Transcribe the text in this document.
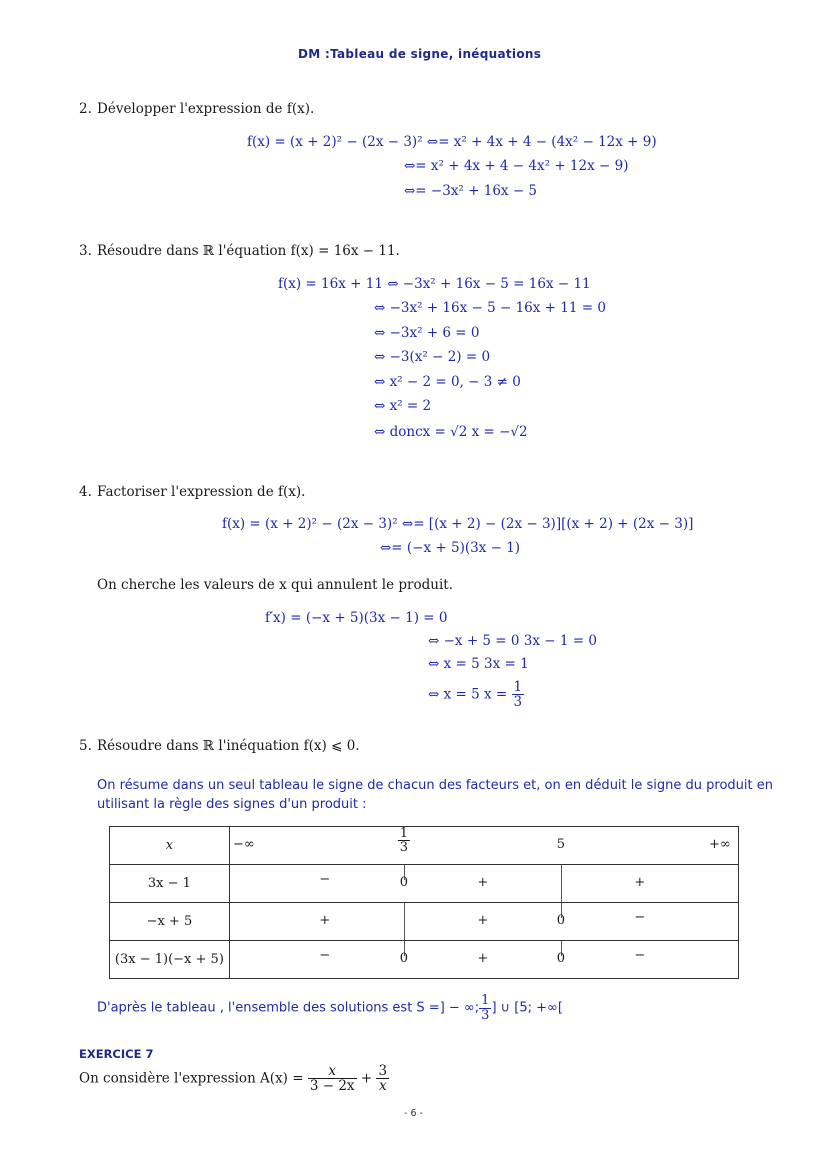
DM :Tableau de signe, inéquations
2. Développer l'expression de f(x).
f(x) = (x + 2)² − (2x − 3)² ⇔= x² + 4x + 4 − (4x² − 12x + 9)
⇔= x² + 4x + 4 − 4x² + 12x − 9)
⇔= −3x² + 16x − 5
3. Résoudre dans ℝ l'équation f(x) = 16x − 11.
f(x) = 16x + 11 ⇔ −3x² + 16x − 5 = 16x − 11
⇔ −3x² + 16x − 5 − 16x + 11 = 0
⇔ −3x² + 6 = 0
⇔ −3(x² − 2) = 0
⇔ x² − 2 = 0, − 3 ≠ 0
⇔ x² = 2
⇔ doncx = √2 x = −√2
4. Factoriser l'expression de f(x).
f(x) = (x + 2)² − (2x − 3)² ⇔= [(x + 2) − (2x − 3)][(x + 2) + (2x − 3)]
⇔= (−x + 5)(3x − 1)
On cherche les valeurs de x qui annulent le produit.
f′x) = (−x + 5)(3x − 1) = 0
⇔ −x + 5 = 0 3x − 1 = 0
⇔ x = 5 3x = 1
⇔ x = 5 $x = \frac{1}{3}$
5. Résoudre dans ℝ l'inéquation f(x) ⩽ 0.
On résume dans un seul tableau le signe de chacun des facteurs et, on en déduit le signe du produit en
utilisant la règle des signes d'un produit :
x	−∞ $\frac{1}{3} 5$ +∞

3x − 1	− 0 + +

−x + 5	+ + 0 −

(3x − 1)(−x + 5)	− 0 + 0 −
D'après le tableau , l'ensemble des solutions est S =] − ∞; $\frac{1}{3}$ ] ∪ [5; +∞[
EXERCICE 7
On considère l'expression $A(x) = \frac{x}{3 - 2x} + \frac{3}{x}$
- 6 -
